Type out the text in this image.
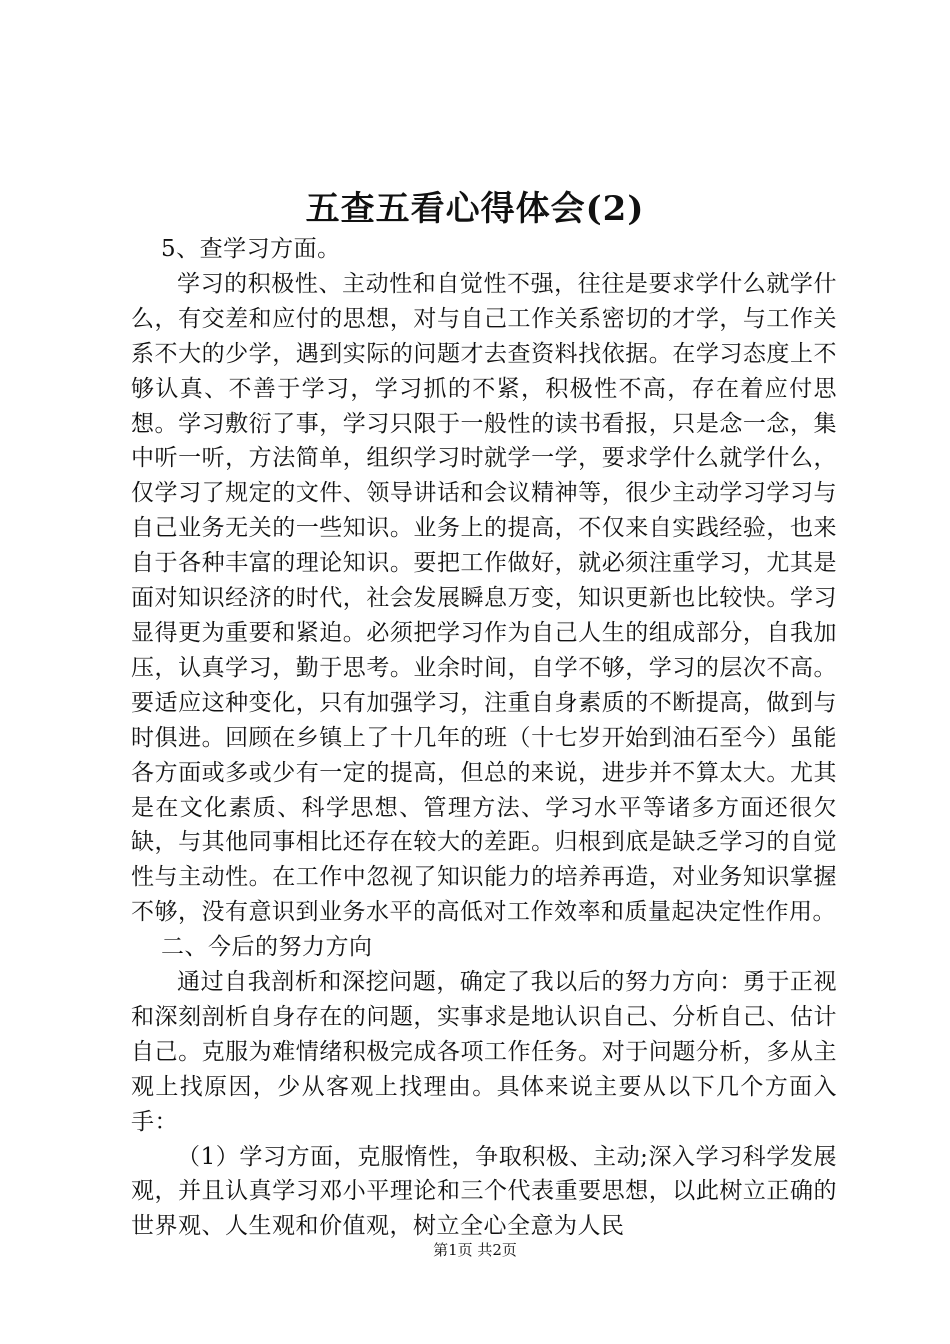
五查五看心得体会(2)

5、查学习方面。

学习的积极性、主动性和自觉性不强，往往是要求学什么就学什么，有交差和应付的思想，对与自己工作关系密切的才学，与工作关系不大的少学，遇到实际的问题才去查资料找依据。在学习态度上不够认真、不善于学习，学习抓的不紧，积极性不高，存在着应付思想。学习敷衍了事，学习只限于一般性的读书看报，只是念一念，集中听一听，方法简单，组织学习时就学一学，要求学什么就学什么，仅学习了规定的文件、领导讲话和会议精神等，很少主动学习学习与自己业务无关的一些知识。业务上的提高，不仅来自实践经验，也来自于各种丰富的理论知识。要把工作做好，就必须注重学习，尤其是面对知识经济的时代，社会发展瞬息万变，知识更新也比较快。学习显得更为重要和紧迫。必须把学习作为自己人生的组成部分，自我加压，认真学习，勤于思考。业余时间，自学不够，学习的层次不高。要适应这种变化，只有加强学习，注重自身素质的不断提高，做到与时俱进。回顾在乡镇上了十几年的班（十七岁开始到油石至今）虽能各方面或多或少有一定的提高，但总的来说，进步并不算太大。尤其是在文化素质、科学思想、管理方法、学习水平等诸多方面还很欠缺，与其他同事相比还存在较大的差距。归根到底是缺乏学习的自觉性与主动性。在工作中忽视了知识能力的培养再造，对业务知识掌握不够，没有意识到业务水平的高低对工作效率和质量起决定性作用。

二、今后的努力方向

通过自我剖析和深挖问题，确定了我以后的努力方向：勇于正视和深刻剖析自身存在的问题，实事求是地认识自己、分析自己、估计自己。克服为难情绪积极完成各项工作任务。对于问题分析，多从主观上找原因，少从客观上找理由。具体来说主要从以下几个方面入手：

（1）学习方面，克服惰性，争取积极、主动;深入学习科学发展观，并且认真学习邓小平理论和三个代表重要思想，以此树立正确的世界观、人生观和价值观，树立全心全意为人民

第1页 共2页
